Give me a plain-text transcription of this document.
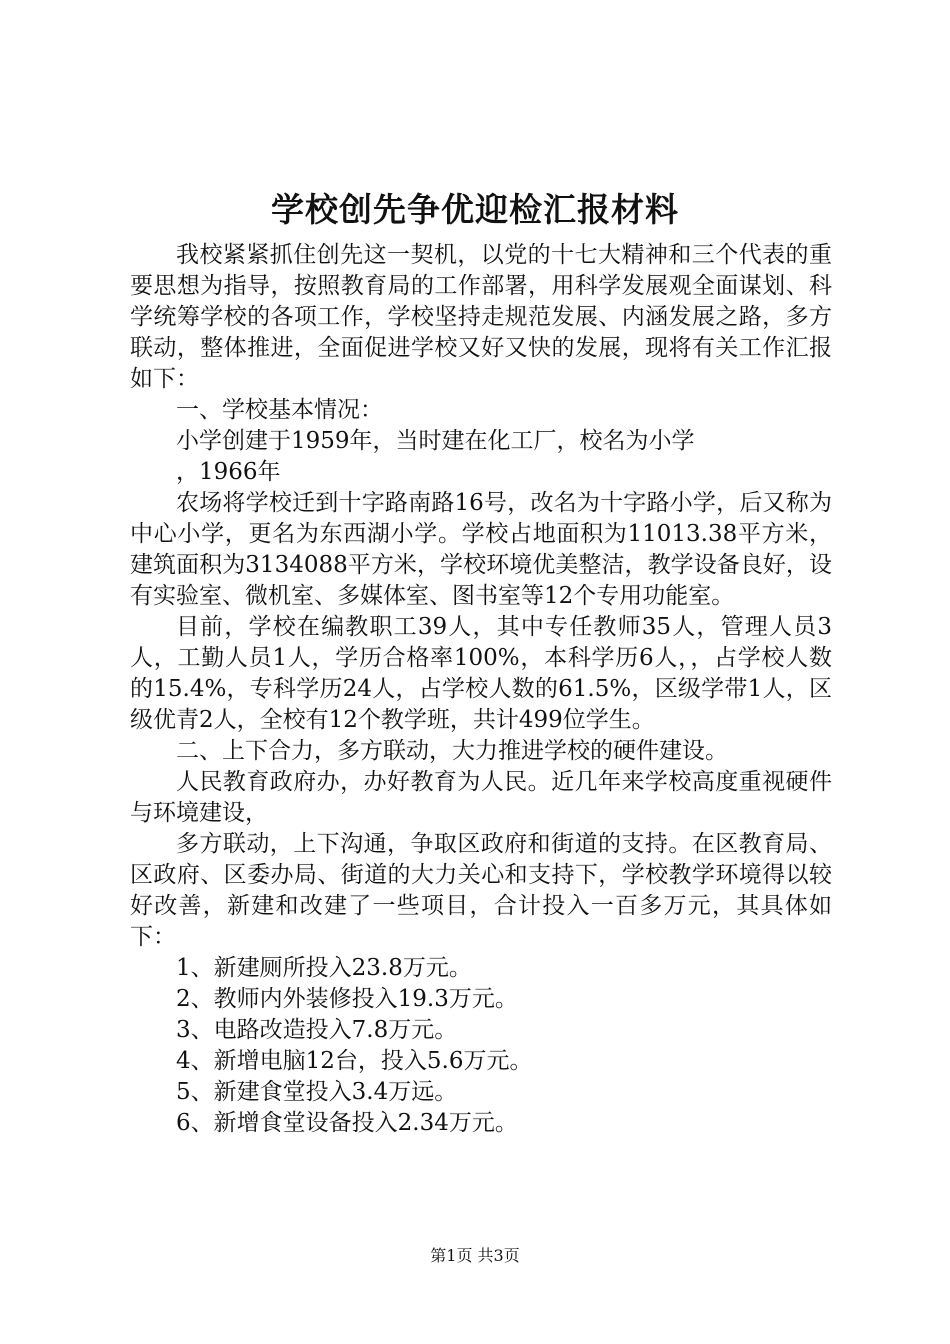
学校创先争优迎检汇报材料

我校紧紧抓住创先这一契机，以党的十七大精神和三个代表的重要思想为指导，按照教育局的工作部署，用科学发展观全面谋划、科学统筹学校的各项工作，学校坚持走规范发展、内涵发展之路，多方联动，整体推进，全面促进学校又好又快的发展，现将有关工作汇报如下：

一、学校基本情况：

小学创建于1959年，当时建在化工厂，校名为小学

，1966年

农场将学校迁到十字路南路16号，改名为十字路小学，后又称为中心小学，更名为东西湖小学。学校占地面积为11013.38平方米，建筑面积为3134088平方米，学校环境优美整洁，教学设备良好，设有实验室、微机室、多媒体室、图书室等12个专用功能室。

目前，学校在编教职工39人，其中专任教师35人，管理人员3人，工勤人员1人，学历合格率100%，本科学历6人，，占学校人数的15.4%，专科学历24人，占学校人数的61.5%，区级学带1人，区级优青2人，全校有12个教学班，共计499位学生。

二、上下合力，多方联动，大力推进学校的硬件建设。

人民教育政府办，办好教育为人民。近几年来学校高度重视硬件与环境建设，

多方联动，上下沟通，争取区政府和街道的支持。在区教育局、区政府、区委办局、街道的大力关心和支持下，学校教学环境得以较好改善，新建和改建了一些项目，合计投入一百多万元，其具体如下：

1、新建厕所投入23.8万元。

2、教师内外装修投入19.3万元。

3、电路改造投入7.8万元。

4、新增电脑12台，投入5.6万元。

5、新建食堂投入3.4万远。

6、新增食堂设备投入2.34万元。

第1页 共3页
